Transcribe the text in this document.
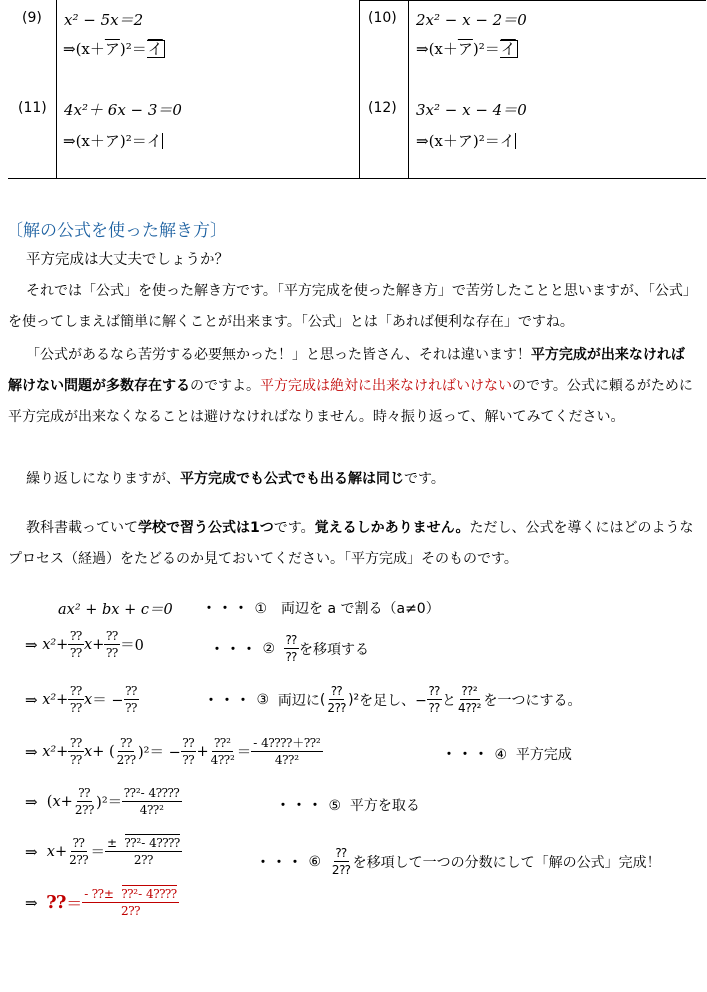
(9) x² − 5x＝2
⇒(x＋ア)²＝イ
(10) 2x² − x − 2＝0
⇒(x＋ア)²＝イ
(11) 4x²＋ 6x − 3＝0
⇒(x＋ア)²＝イ
(12) 3x² − x − 4＝0
⇒(x＋ア)²＝イ
〔解の公式を使った解き方〕

平方完成は大丈夫でしょうか？

それでは「公式」を使った解き方です。「平方完成を使った解き方」で苦労したことと思いますが、「公式」を使ってしまえば簡単に解くことが出来ます。「公式」とは「あれば便利な存在」ですね。

「公式があるなら苦労する必要無かった！」と思った皆さん、それは違います！平方完成が出来なければ解けない問題が多数存在するのですよ。平方完成は絶対に出来なければいけないのです。公式に頼るがために平方完成が出来なくなることは避けなければなりません。時々振り返って、解いてみてください。

繰り返しになりますが、平方完成でも公式でも出る解は同じです。

教科書載っていて学校で習う公式は1つです。覚えるしかありません。ただし、公式を導くにはどのようなプロセス（経過）をたどるのか見ておいてください。「平方完成」そのものです。

ax² + bx + c＝0 ・・・ ①　 両辺を a で割る（a≠0）
⇒
$x^2+ \frac{⁇}{⁇}$ $x + \frac{⁇}{⁇} =0$	・・・
②
$\frac{⁇}{⁇}$ を移項する
⇒
$x^2+ \frac{⁇}{⁇}$ x ＝ − $\frac{⁇}{⁇}$	・・・
③
両辺に ( $\frac{⁇}{2⁇} )^2$ を足し、− $\frac{⁇}{⁇}$ と $\frac{\text{⁇²}}{\text{4⁇²}}$ を一つにする。
⇒
$x^2+ \frac{⁇}{⁇}$ x + ( $\frac{⁇}{2⁇} )^2= - \frac{⁇}{⁇} + \frac{\text{⁇²}}{\text{4⁇²}} = \frac{\text{- 4⁇⁇＋⁇²}}{\text{4⁇²}}$	・・・ ④ 平方完成
⇒ ( $x + \frac{⁇}{2⁇} )^2= \frac{\text{⁇²- 4⁇⁇}}{\text{4⁇²}}$	・・・ ⑤ 平方を取る
⇒
$x + \frac{⁇}{2⁇} = \frac{\text{± ⁇²- 4⁇⁇}}{2⁇}$	・・・
⑥
$\frac{⁇}{2⁇}$ を移項して一つの分数にして「解の公式」完成！
⇒
⁇ ＝ $\frac{\text{- ⁇± ⁇²- 4⁇⁇}}{2⁇}$
